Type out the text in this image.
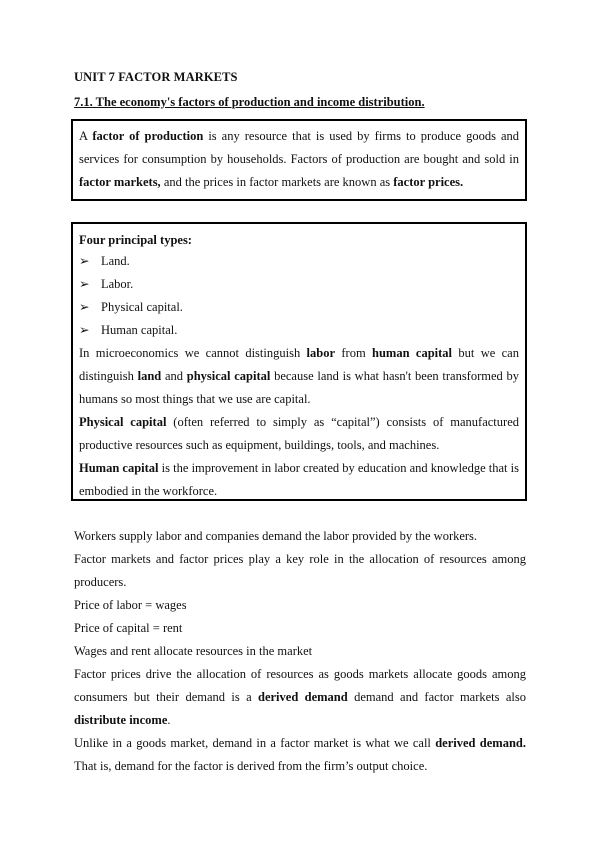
UNIT 7 FACTOR MARKETS
7.1. The economy's factors of production and income distribution.

A factor of production is any resource that is used by firms to produce goods and services for consumption by households. Factors of production are bought and sold in factor markets, and the prices in factor markets are known as factor prices.

Four principal types:

➢ Land.
➢ Labor.
➢ Physical capital.
➢ Human capital.

In microeconomics we cannot distinguish labor from human capital but we can distinguish land and physical capital because land is what hasn't been transformed by humans so most things that we use are capital.

Physical capital (often referred to simply as “capital”) consists of manufactured productive resources such as equipment, buildings, tools, and machines.

Human capital is the improvement in labor created by education and knowledge that is embodied in the workforce.

Workers supply labor and companies demand the labor provided by the workers.

Factor markets and factor prices play a key role in the allocation of resources among producers.

Price of labor = wages

Price of capital = rent

Wages and rent allocate resources in the market

Factor prices drive the allocation of resources as goods markets allocate goods among consumers but their demand is a derived demand demand and factor markets also distribute income.

Unlike in a goods market, demand in a factor market is what we call derived demand. That is, demand for the factor is derived from the firm’s output choice.
